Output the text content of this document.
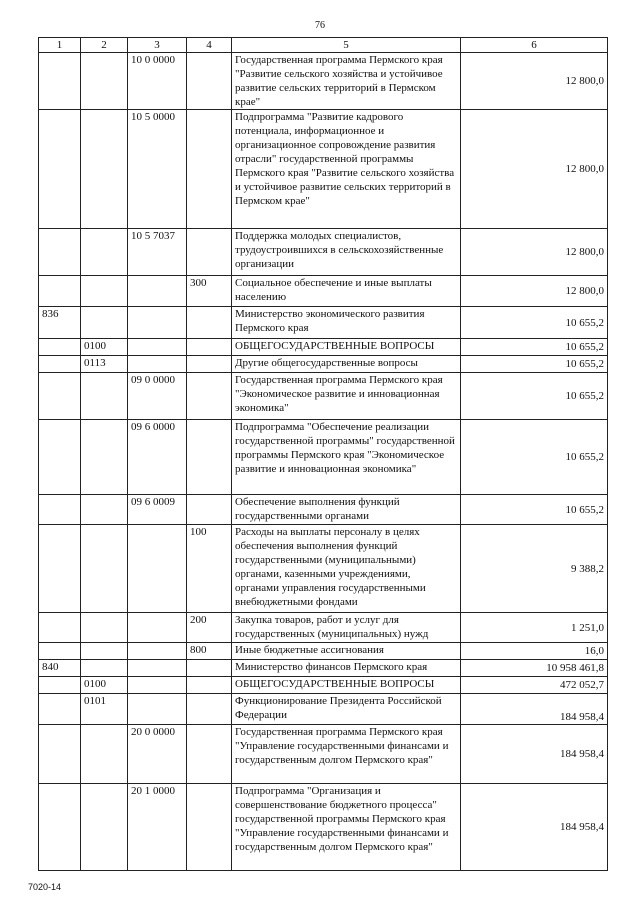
76
1	2	3	4	5	6
		10 0 0000		Государственная программа Пермского края "Развитие сельского хозяйства и устойчивое развитие сельских территорий в Пермском крае"	12 800,0
		10 5 0000		Подпрограмма "Развитие кадрового потенциала, информационное и организационное сопровождение развития отрасли" государственной программы Пермского края "Развитие сельского хозяйства и устойчивое развитие сельских территорий в Пермском крае"	12 800,0
		10 5 7037		Поддержка молодых специалистов, трудоустроившихся в сельскохозяйственные организации	12 800,0
			300	Социальное обеспечение и иные выплаты населению	12 800,0
836				Министерство экономического развития Пермского края	10 655,2
	0100			ОБЩЕГОСУДАРСТВЕННЫЕ ВОПРОСЫ	10 655,2
	0113			Другие общегосударственные вопросы	10 655,2
		09 0 0000		Государственная программа Пермского края "Экономическое развитие и инновационная экономика"	10 655,2
		09 6 0000		Подпрограмма "Обеспечение реализации государственной программы" государственной программы Пермского края "Экономическое развитие и инновационная экономика"	10 655,2
		09 6 0009		Обеспечение выполнения функций государственными органами	10 655,2
			100	Расходы на выплаты персоналу в целях обеспечения выполнения функций государственными (муниципальными) органами, казенными учреждениями, органами управления государственными внебюджетными фондами	9 388,2
			200	Закупка товаров, работ и услуг для государственных (муниципальных) нужд	1 251,0
			800	Иные бюджетные ассигнования	16,0
840				Министерство финансов Пермского края	10 958 461,8
	0100			ОБЩЕГОСУДАРСТВЕННЫЕ ВОПРОСЫ	472 052,7
	0101			Функционирование Президента Российской Федерации	184 958,4
		20 0 0000		Государственная программа Пермского края "Управление государственными финансами и государственным долгом Пермского края"	184 958,4
		20 1 0000		Подпрограмма "Организация и совершенствование бюджетного процесса" государственной программы Пермского края "Управление государственными финансами и государственным долгом Пермского края"	184 958,4
7020-14
